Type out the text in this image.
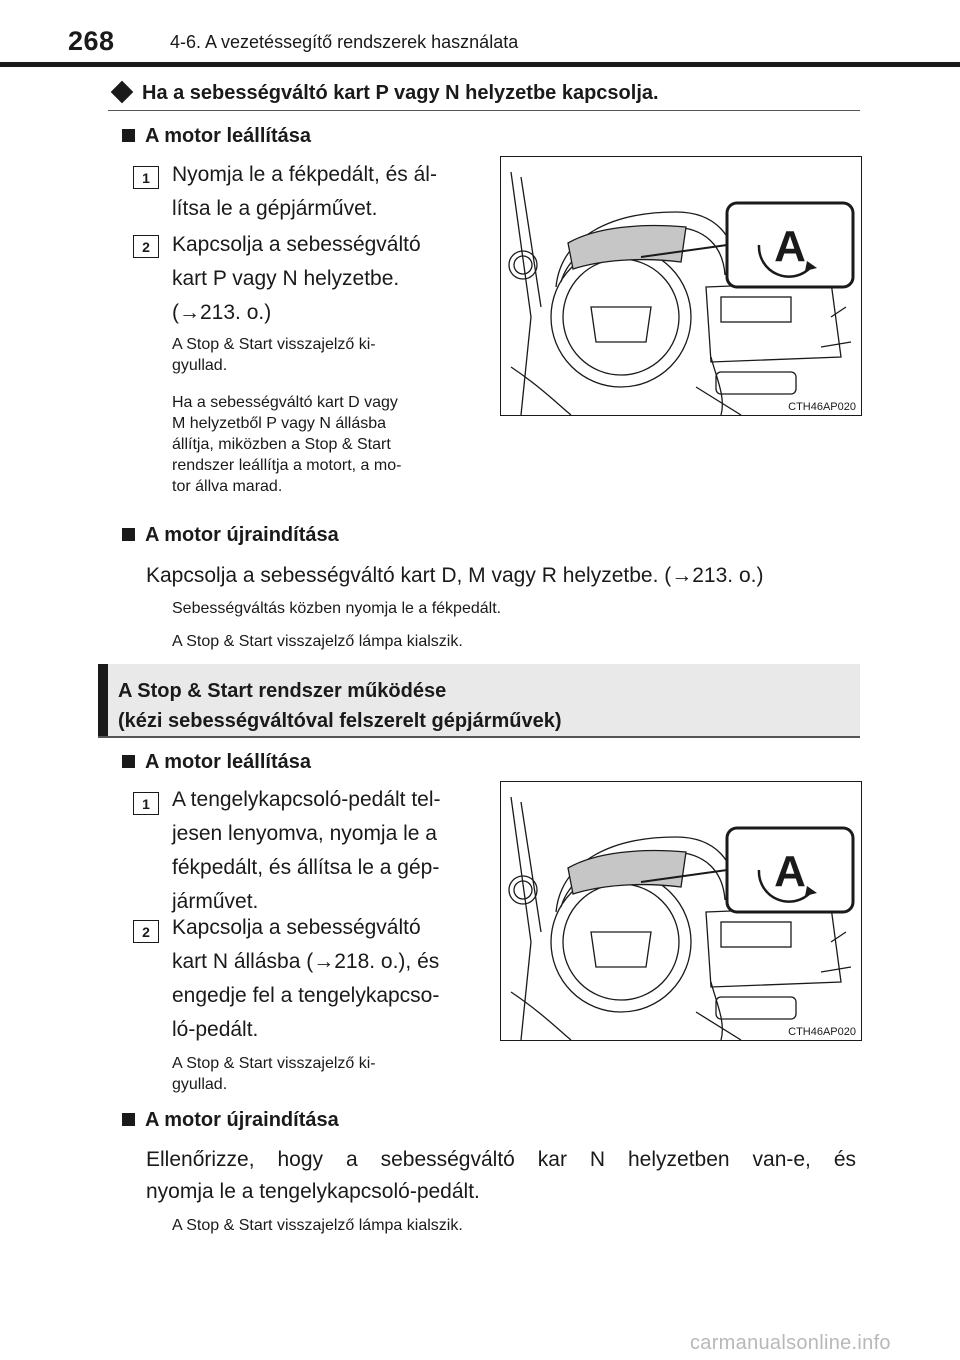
268	4-6. A vezetéssegítő rendszerek használata
Ha a sebességváltó kart P vagy N helyzetbe kapcsolja.
A motor leállítása
1	Nyomja le a fékpedált, és ál-
lítsa le a gépjárművet.
2	Kapcsolja a sebességváltó
kart P vagy N helyzetbe.
(→213. o.)
A Stop & Start visszajelző ki-
gyullad.
Ha a sebességváltó kart D vagy
M helyzetből P vagy N állásba
állítja, miközben a Stop & Start
rendszer leállítja a motort, a mo-
tor állva marad.
A
CTH46AP020
A motor újraindítása
Kapcsolja a sebességváltó kart D, M vagy R helyzetbe. (→213. o.)
Sebességváltás közben nyomja le a fékpedált.
A Stop & Start visszajelző lámpa kialszik.
A Stop & Start rendszer működése
(kézi sebességváltóval felszerelt gépjárművek)
A motor leállítása
1	A tengelykapcsoló-pedált tel-
jesen lenyomva, nyomja le a
fékpedált, és állítsa le a gép-
járművet.
2	Kapcsolja a sebességváltó
kart N állásba (→218. o.), és
engedje fel a tengelykapcso-
ló-pedált.
A Stop & Start visszajelző ki-
gyullad.
A
CTH46AP020
A motor újraindítása
Ellenőrizze, hogy a sebességváltó kar N helyzetben van-e, és
nyomja le a tengelykapcsoló-pedált.
A Stop & Start visszajelző lámpa kialszik.
carmanualsonline.info
